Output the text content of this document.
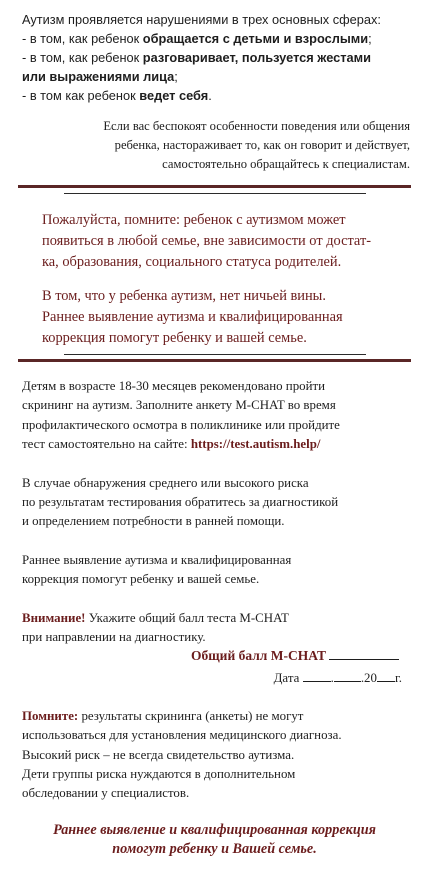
Аутизм проявляется нарушениями в трех основных сферах:
- в том, как ребенок обращается с детьми и взрослыми;
- в том, как ребенок разговаривает, пользуется жестами
или выражениями лица;
- в том как ребенок ведет себя.
Если вас беспокоят особенности поведения или общения
ребенка, настораживает то, как он говорит и действует,
самостоятельно обращайтесь к специалистам.

Пожалуйста, помните: ребенок с аутизмом может
появиться в любой семье, вне зависимости от достат-
ка, образования, социального статуса родителей.

В том, что у ребенка аутизм, нет ничьей вины.
Раннее выявление аутизма и квалифицированная
коррекция помогут ребенку и вашей семье.

Детям в возрасте 18-30 месяцев рекомендовано пройти
скрининг на аутизм. Заполните анкету M-CHAT во время
профилактического осмотра в поликлинике или пройдите
тест самостоятельно на сайте: https://test.autism.help/

В случае обнаружения среднего или высокого риска
по результатам тестирования обратитесь за диагностикой
и определением потребности в ранней помощи.

Раннее выявление аутизма и квалифицированная
коррекция помогут ребенку и вашей семье.

Внимание! Укажите общий балл теста M-CHAT
при направлении на диагностику.

Общий балл M-CHAT
Дата . .20 г.
Помните: результаты скрининга (анкеты) не могут
использоваться для установления медицинского диагноза.
Высокий риск – не всегда свидетельство аутизма.
Дети группы риска нуждаются в дополнительном
обследовании у специалистов.
Раннее выявление и квалифицированная коррекция
помогут ребенку и Вашей семье.
